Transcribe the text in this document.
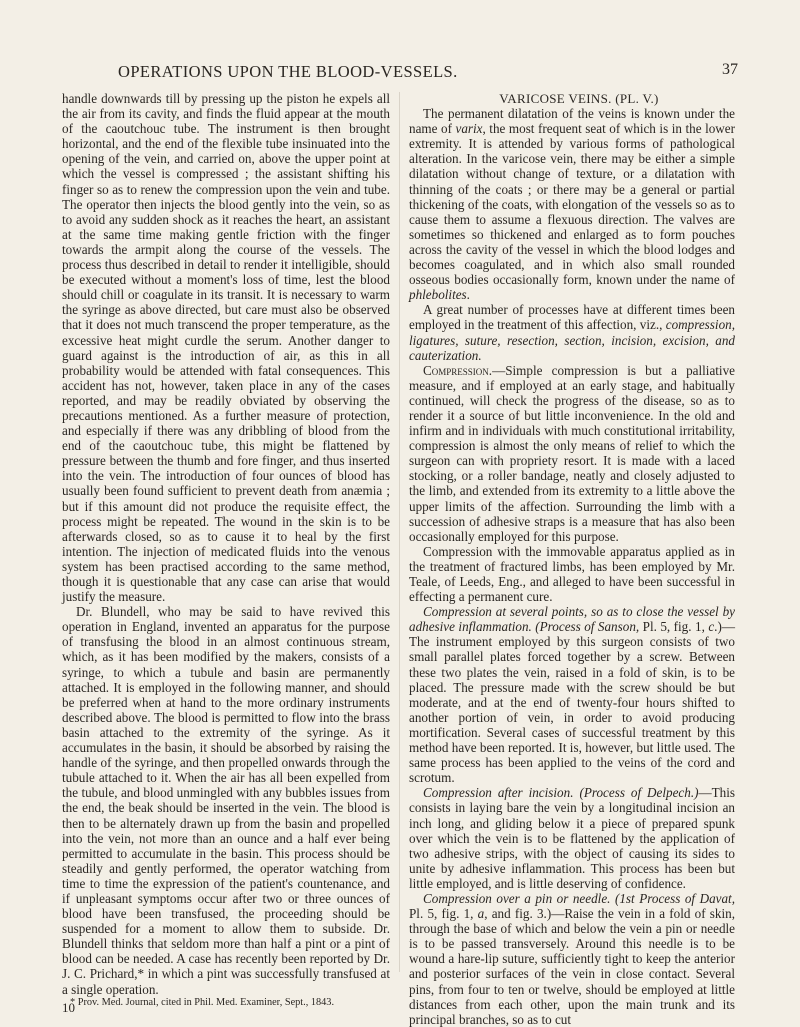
OPERATIONS UPON THE BLOOD-VESSELS.	37

handle downwards till by pressing up the piston he expels all the air from its cavity, and finds the fluid appear at the mouth of the caoutchouc tube. The instrument is then brought horizontal, and the end of the flexible tube insinuated into the opening of the vein, and carried on, above the upper point at which the vessel is compressed ; the assistant shifting his finger so as to renew the compression upon the vein and tube. The operator then injects the blood gently into the vein, so as to avoid any sudden shock as it reaches the heart, an assistant at the same time making gentle friction with the finger towards the armpit along the course of the vessels. The process thus described in detail to render it intelligible, should be executed without a moment's loss of time, lest the blood should chill or coagulate in its transit. It is necessary to warm the syringe as above directed, but care must also be observed that it does not much transcend the proper temperature, as the excessive heat might curdle the serum. Another danger to guard against is the introduction of air, as this in all probability would be attended with fatal consequences. This accident has not, however, taken place in any of the cases reported, and may be readily obviated by observing the precautions mentioned. As a further measure of protection, and especially if there was any dribbling of blood from the end of the caoutchouc tube, this might be flattened by pressure between the thumb and fore finger, and thus inserted into the vein. The introduction of four ounces of blood has usually been found sufficient to prevent death from anæmia ; but if this amount did not produce the requisite effect, the process might be repeated. The wound in the skin is to be afterwards closed, so as to cause it to heal by the first intention. The injection of medicated fluids into the venous system has been practised according to the same method, though it is questionable that any case can arise that would justify the measure.

Dr. Blundell, who may be said to have revived this operation in England, invented an apparatus for the purpose of transfusing the blood in an almost continuous stream, which, as it has been modified by the makers, consists of a syringe, to which a tubule and basin are permanently attached. It is employed in the following manner, and should be preferred when at hand to the more ordinary instruments described above. The blood is permitted to flow into the brass basin attached to the extremity of the syringe. As it accumulates in the basin, it should be absorbed by raising the handle of the syringe, and then propelled onwards through the tubule attached to it. When the air has all been expelled from the tubule, and blood unmingled with any bubbles issues from the end, the beak should be inserted in the vein. The blood is then to be alternately drawn up from the basin and propelled into the vein, not more than an ounce and a half ever being permitted to accumulate in the basin. This process should be steadily and gently performed, the operator watching from time to time the expression of the patient's countenance, and if unpleasant symptoms occur after two or three ounces of blood have been transfused, the proceeding should be suspended for a moment to allow them to subside. Dr. Blundell thinks that seldom more than half a pint or a pint of blood can be needed. A case has recently been reported by Dr. J. C. Prichard,* in which a pint was successfully transfused at a single operation.

* Prov. Med. Journal, cited in Phil. Med. Examiner, Sept., 1843.

VARICOSE VEINS. (PL. V.)

The permanent dilatation of the veins is known under the name of varix, the most frequent seat of which is in the lower extremity. It is attended by various forms of pathological alteration. In the varicose vein, there may be either a simple dilatation without change of texture, or a dilatation with thinning of the coats ; or there may be a general or partial thickening of the coats, with elongation of the vessels so as to cause them to assume a flexuous direction. The valves are sometimes so thickened and enlarged as to form pouches across the cavity of the vessel in which the blood lodges and becomes coagulated, and in which also small rounded osseous bodies occasionally form, known under the name of phlebolites.

A great number of processes have at different times been employed in the treatment of this affection, viz., compression, ligatures, suture, resection, section, incision, excision, and cauterization.

Compression.—Simple compression is but a palliative measure, and if employed at an early stage, and habitually continued, will check the progress of the disease, so as to render it a source of but little inconvenience. In the old and infirm and in individuals with much constitutional irritability, compression is almost the only means of relief to which the surgeon can with propriety resort. It is made with a laced stocking, or a roller bandage, neatly and closely adjusted to the limb, and extended from its extremity to a little above the upper limits of the affection. Surrounding the limb with a succession of adhesive straps is a measure that has also been occasionally employed for this purpose.

Compression with the immovable apparatus applied as in the treatment of fractured limbs, has been employed by Mr. Teale, of Leeds, Eng., and alleged to have been successful in effecting a permanent cure.

Compression at several points, so as to close the vessel by adhesive inflammation. (Process of Sanson, Pl. 5, fig. 1, c.)—The instrument employed by this surgeon consists of two small parallel plates forced together by a screw. Between these two plates the vein, raised in a fold of skin, is to be placed. The pressure made with the screw should be but moderate, and at the end of twenty-four hours shifted to another portion of vein, in order to avoid producing mortification. Several cases of successful treatment by this method have been reported. It is, however, but little used. The same process has been applied to the veins of the cord and scrotum.

Compression after incision. (Process of Delpech.)—This consists in laying bare the vein by a longitudinal incision an inch long, and gliding below it a piece of prepared spunk over which the vein is to be flattened by the application of two adhesive strips, with the object of causing its sides to unite by adhesive inflammation. This process has been but little employed, and is little deserving of confidence.

Compression over a pin or needle. (1st Process of Davat, Pl. 5, fig. 1, a, and fig. 3.)—Raise the vein in a fold of skin, through the base of which and below the vein a pin or needle is to be passed transversely. Around this needle is to be wound a hare-lip suture, sufficiently tight to keep the anterior and posterior surfaces of the vein in close contact. Several pins, from four to ten or twelve, should be employed at little distances from each other, upon the main trunk and its principal branches, so as to cut

10
